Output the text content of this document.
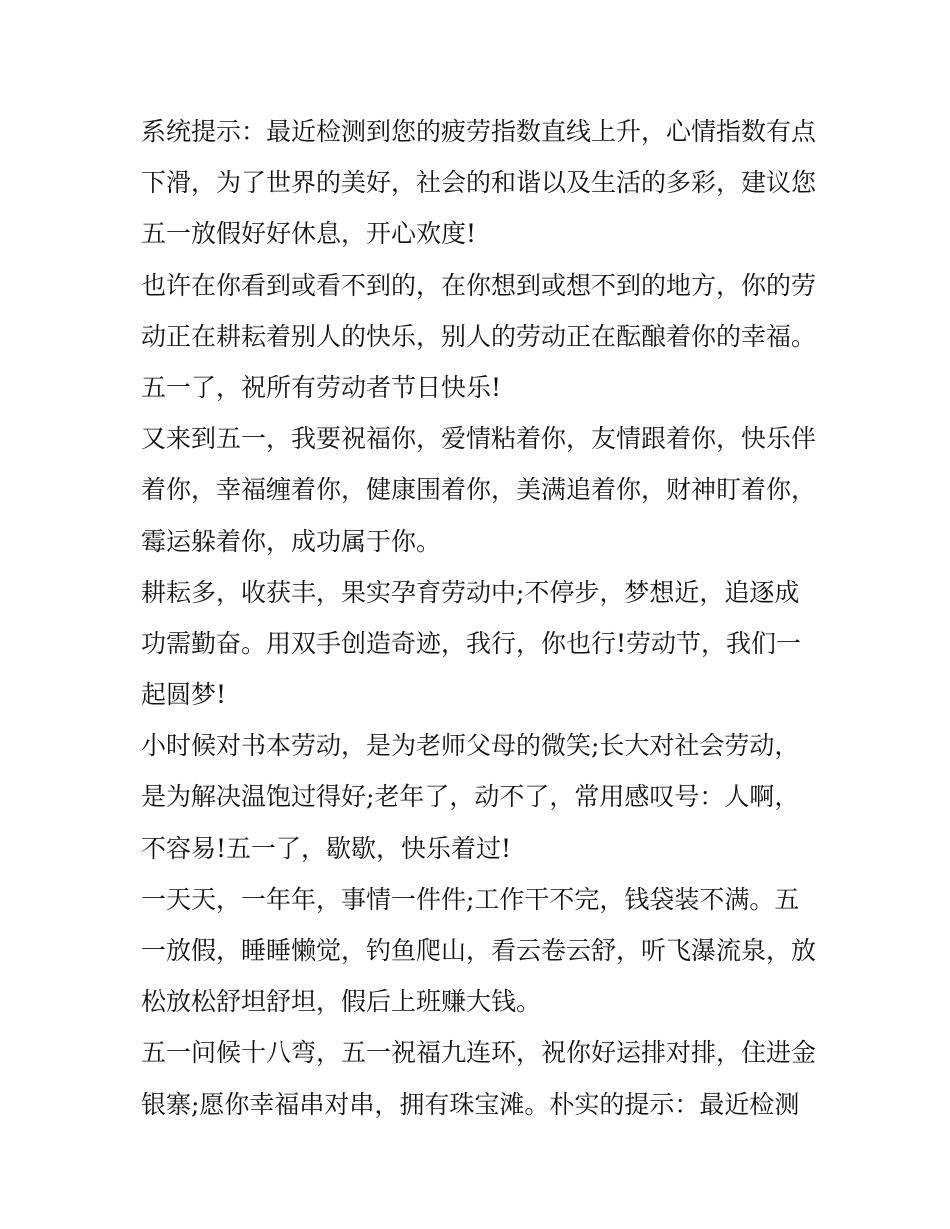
系统提示：最近检测到您的疲劳指数直线上升，心情指数有点
下滑，为了世界的美好，社会的和谐以及生活的多彩，建议您
五一放假好好休息，开心欢度!
也许在你看到或看不到的，在你想到或想不到的地方，你的劳
动正在耕耘着别人的快乐，别人的劳动正在酝酿着你的幸福。
五一了，祝所有劳动者节日快乐!
又来到五一，我要祝福你，爱情粘着你，友情跟着你，快乐伴
着你，幸福缠着你，健康围着你，美满追着你，财神盯着你，
霉运躲着你，成功属于你。
耕耘多，收获丰，果实孕育劳动中;不停步，梦想近，追逐成
功需勤奋。用双手创造奇迹，我行，你也行!劳动节，我们一
起圆梦!
小时候对书本劳动，是为老师父母的微笑;长大对社会劳动，
是为解决温饱过得好;老年了，动不了，常用感叹号：人啊，
不容易!五一了，歇歇，快乐着过!
一天天，一年年，事情一件件;工作干不完，钱袋装不满。五
一放假，睡睡懒觉，钓鱼爬山，看云卷云舒，听飞瀑流泉，放
松放松舒坦舒坦，假后上班赚大钱。
五一问候十八弯，五一祝福九连环，祝你好运排对排，住进金
银寨;愿你幸福串对串，拥有珠宝滩。朴实的提示：最近检测
